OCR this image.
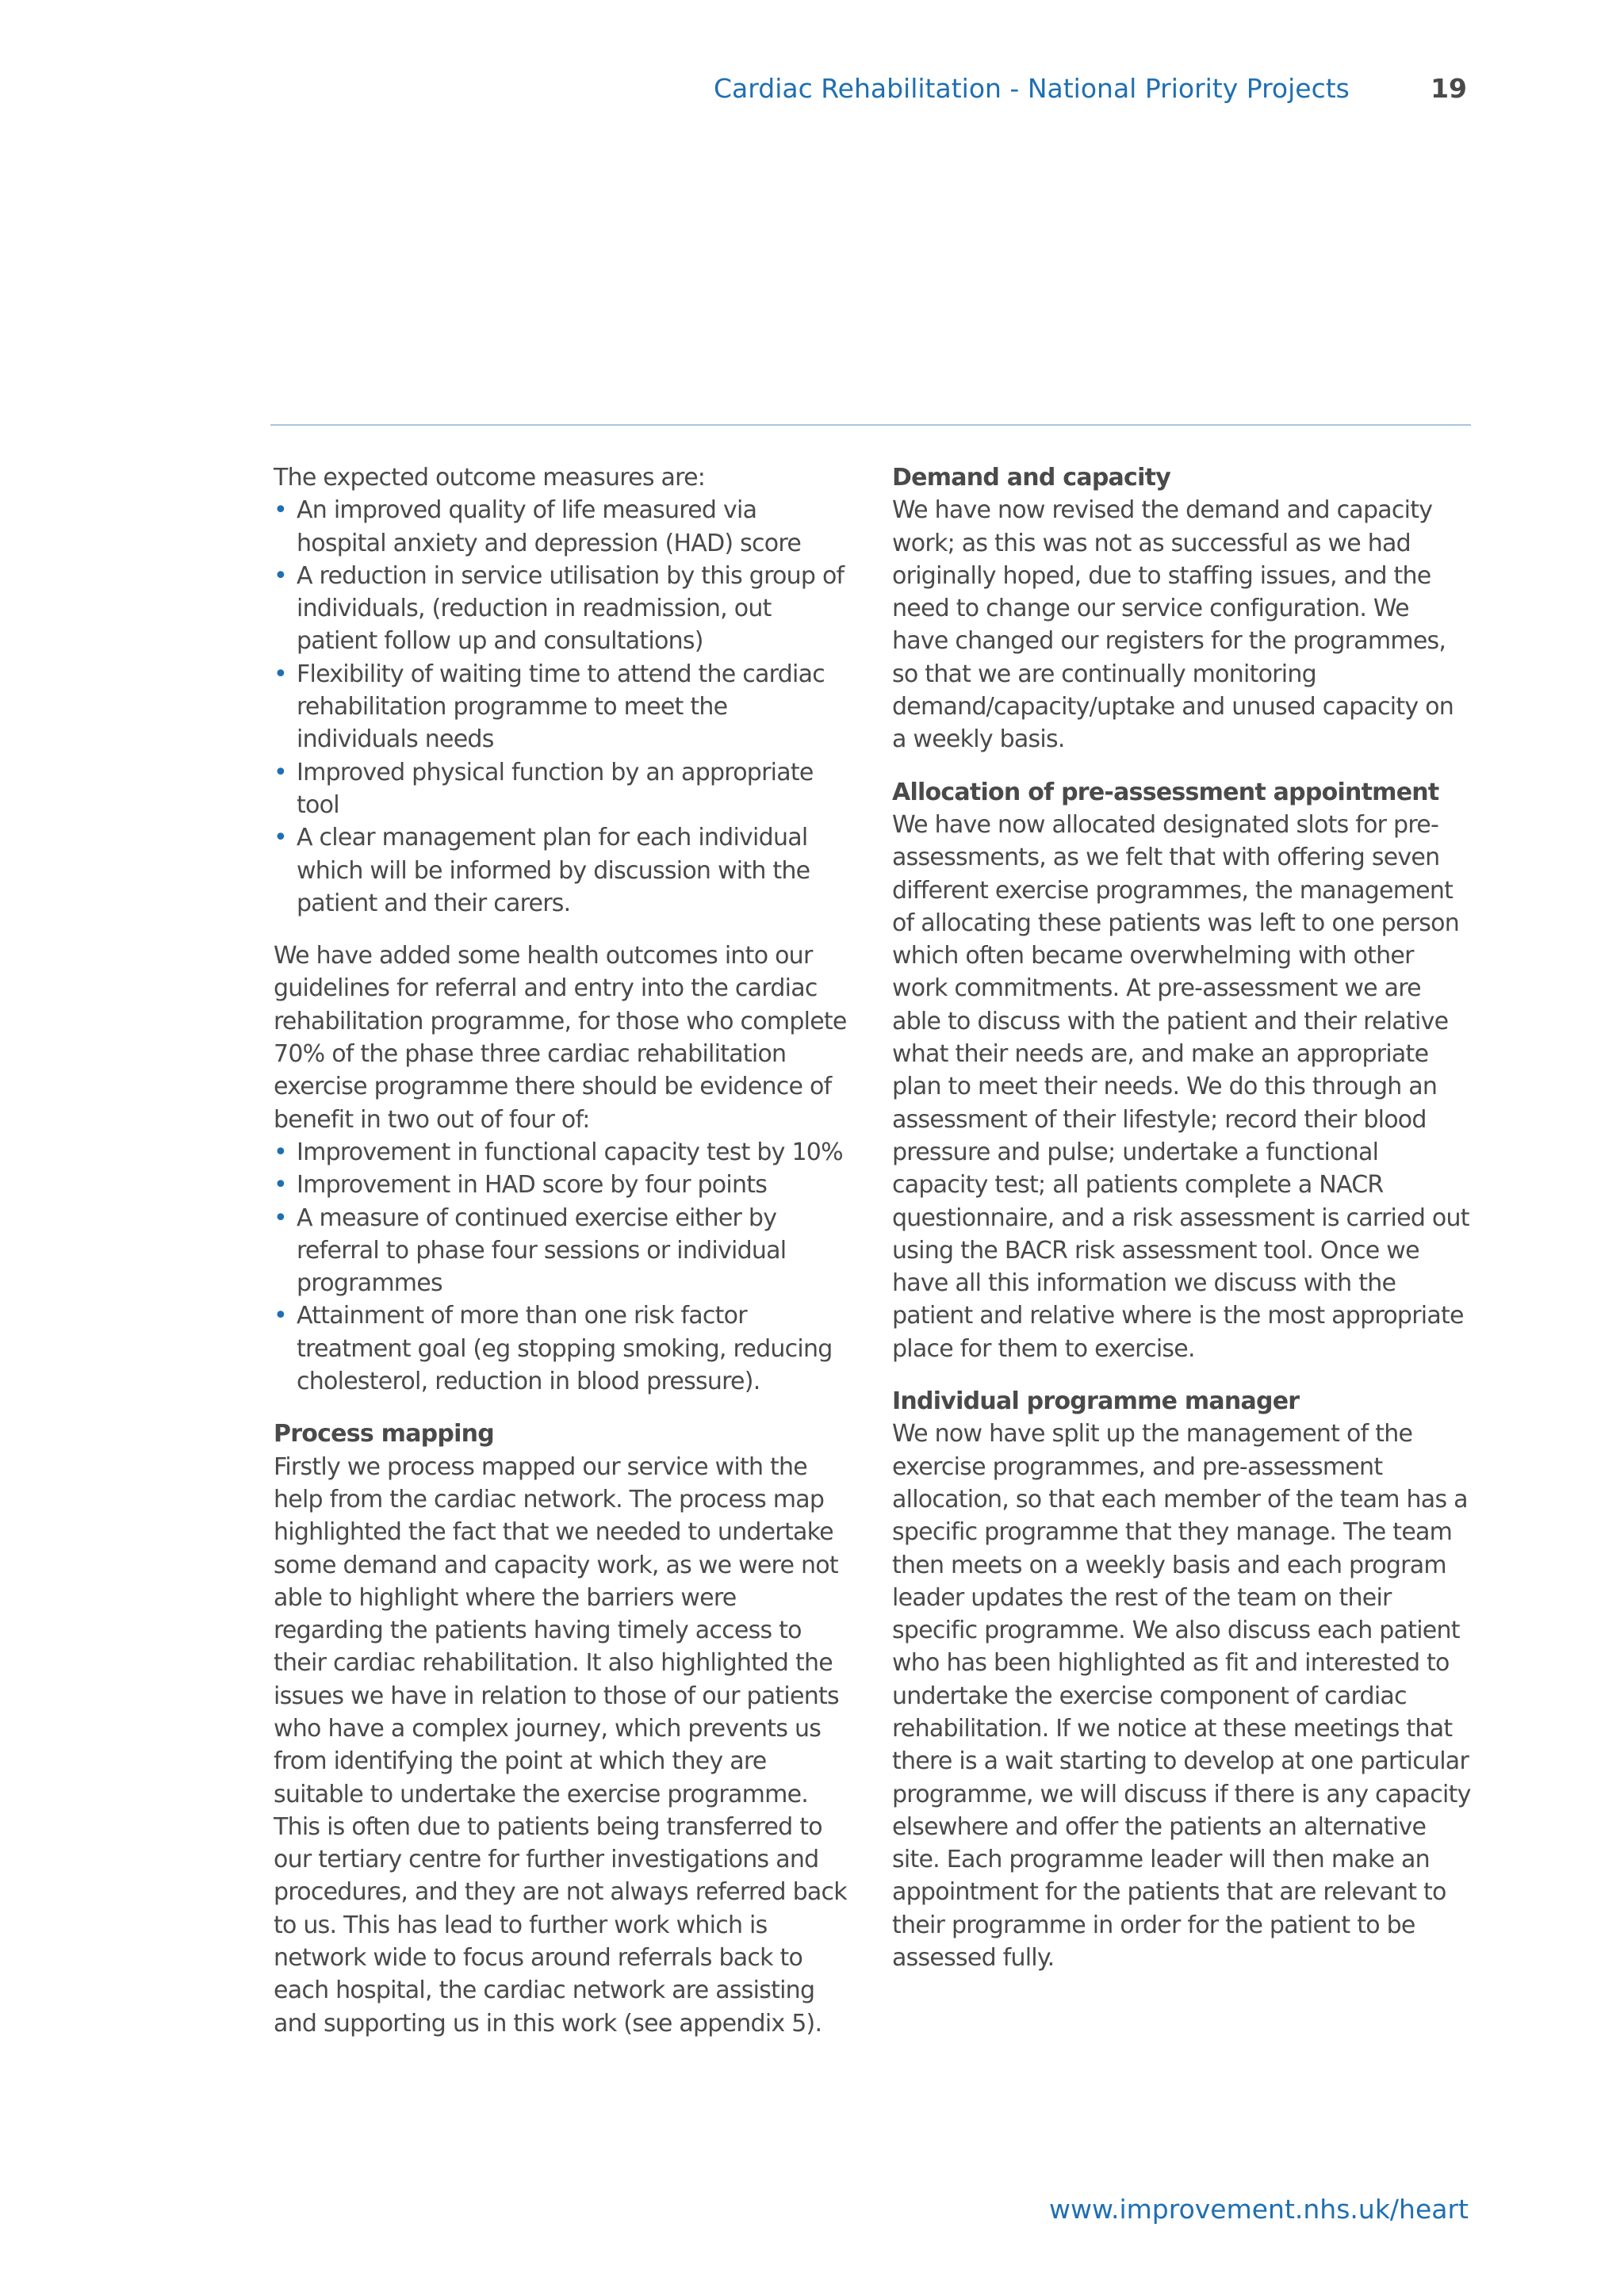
Cardiac Rehabilitation - National Priority Projects	19

The expected outcome measures are:

• An improved quality of life measured via hospital anxiety and depression (HAD) score
• A reduction in service utilisation by this group of individuals, (reduction in readmission, out patient follow up and consultations)
• Flexibility of waiting time to attend the cardiac rehabilitation programme to meet the individuals needs
• Improved physical function by an appropriate tool
• A clear management plan for each individual which will be informed by discussion with the patient and their carers.

We have added some health outcomes into our guidelines for referral and entry into the cardiac rehabilitation programme, for those who complete 70% of the phase three cardiac rehabilitation exercise programme there should be evidence of benefit in two out of four of:

• Improvement in functional capacity test by 10%
• Improvement in HAD score by four points
• A measure of continued exercise either by referral to phase four sessions or individual programmes
• Attainment of more than one risk factor treatment goal (eg stopping smoking, reducing cholesterol, reduction in blood pressure).

Process mapping

Firstly we process mapped our service with the help from the cardiac network. The process map highlighted the fact that we needed to undertake some demand and capacity work, as we were not able to highlight where the barriers were regarding the patients having timely access to their cardiac rehabilitation. It also highlighted the issues we have in relation to those of our patients who have a complex journey, which prevents us from identifying the point at which they are suitable to undertake the exercise programme. This is often due to patients being transferred to our tertiary centre for further investigations and procedures, and they are not always referred back to us. This has lead to further work which is network wide to focus around referrals back to each hospital, the cardiac network are assisting and supporting us in this work (see appendix 5).

Demand and capacity

We have now revised the demand and capacity work; as this was not as successful as we had originally hoped, due to staffing issues, and the need to change our service configuration. We have changed our registers for the programmes, so that we are continually monitoring demand/capacity/uptake and unused capacity on a weekly basis.

Allocation of pre-assessment appointment

We have now allocated designated slots for pre-assessments, as we felt that with offering seven different exercise programmes, the management of allocating these patients was left to one person which often became overwhelming with other work commitments. At pre-assessment we are able to discuss with the patient and their relative what their needs are, and make an appropriate plan to meet their needs. We do this through an assessment of their lifestyle; record their blood pressure and pulse; undertake a functional capacity test; all patients complete a NACR questionnaire, and a risk assessment is carried out using the BACR risk assessment tool. Once we have all this information we discuss with the patient and relative where is the most appropriate place for them to exercise.

Individual programme manager

We now have split up the management of the exercise programmes, and pre-assessment allocation, so that each member of the team has a specific programme that they manage. The team then meets on a weekly basis and each program leader updates the rest of the team on their specific programme. We also discuss each patient who has been highlighted as fit and interested to undertake the exercise component of cardiac rehabilitation. If we notice at these meetings that there is a wait starting to develop at one particular programme, we will discuss if there is any capacity elsewhere and offer the patients an alternative site. Each programme leader will then make an appointment for the patients that are relevant to their programme in order for the patient to be assessed fully.

www.improvement.nhs.uk/heart
